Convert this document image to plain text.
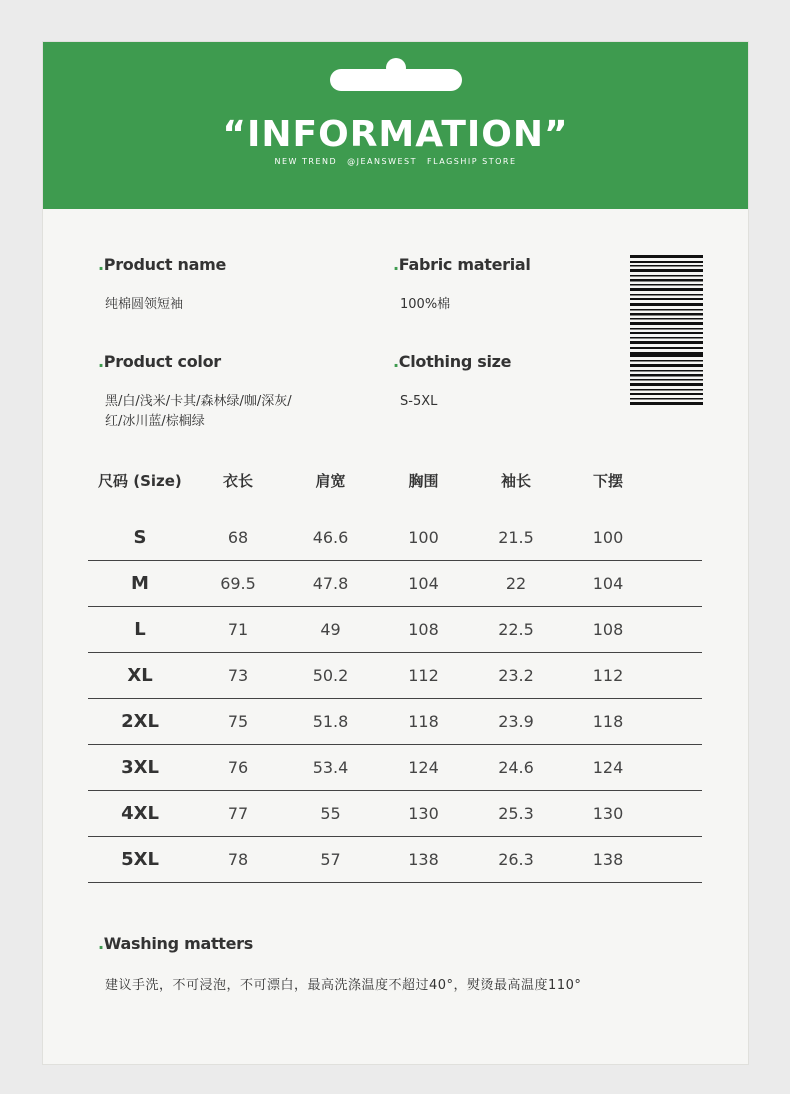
“INFORMATION”
NEW TREND @JEANSWEST FLAGSHIP STORE
.Product name
纯棉圆领短袖
.Fabric material
100%棉
.Product color
黑/白/浅米/卡其/森林绿/咖/深灰/
红/冰川蓝/棕榈绿
.Clothing size
S-5XL
尺码 (Size)	衣长	肩宽	胸围	袖长	下摆
S	68	46.6	100	21.5	100
M	69.5	47.8	104	22	104
L	71	49	108	22.5	108
XL	73	50.2	112	23.2	112
2XL	75	51.8	118	23.9	118
3XL	76	53.4	124	24.6	124
4XL	77	55	130	25.3	130
5XL	78	57	138	26.3	138
.Washing matters
建议手洗，不可浸泡，不可漂白，最高洗涤温度不超过40°，熨烫最高温度110°
